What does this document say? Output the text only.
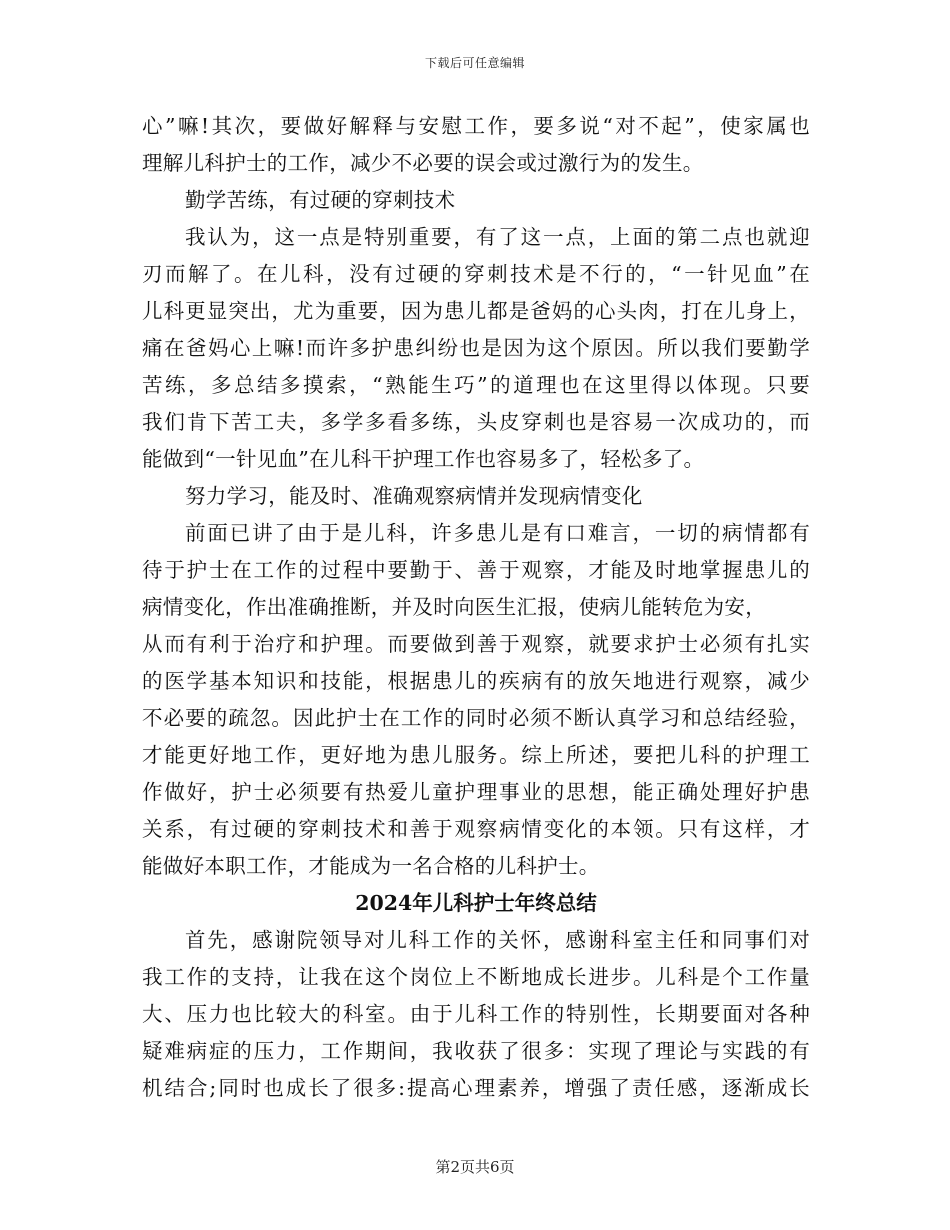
下载后可任意编辑
心”嘛!其次，要做好解释与安慰工作，要多说“对不起”，使家属也
理解儿科护士的工作，减少不必要的误会或过激行为的发生。
勤学苦练，有过硬的穿刺技术
我认为，这一点是特别重要，有了这一点，上面的第二点也就迎
刃而解了。在儿科，没有过硬的穿刺技术是不行的，“一针见血”在
儿科更显突出，尤为重要，因为患儿都是爸妈的心头肉，打在儿身上，
痛在爸妈心上嘛!而许多护患纠纷也是因为这个原因。所以我们要勤学
苦练，多总结多摸索，“熟能生巧”的道理也在这里得以体现。只要
我们肯下苦工夫，多学多看多练，头皮穿刺也是容易一次成功的，而
能做到“一针见血”在儿科干护理工作也容易多了，轻松多了。
努力学习，能及时、准确观察病情并发现病情变化
前面已讲了由于是儿科，许多患儿是有口难言，一切的病情都有
待于护士在工作的过程中要勤于、善于观察，才能及时地掌握患儿的
病情变化，作出准确推断，并及时向医生汇报，使病儿能转危为安，
从而有利于治疗和护理。而要做到善于观察，就要求护士必须有扎实
的医学基本知识和技能，根据患儿的疾病有的放矢地进行观察，减少
不必要的疏忽。因此护士在工作的同时必须不断认真学习和总结经验，
才能更好地工作，更好地为患儿服务。综上所述，要把儿科的护理工
作做好，护士必须要有热爱儿童护理事业的思想，能正确处理好护患
关系，有过硬的穿刺技术和善于观察病情变化的本领。只有这样，才
能做好本职工作，才能成为一名合格的儿科护士。
2024年儿科护士年终总结
首先，感谢院领导对儿科工作的关怀，感谢科室主任和同事们对
我工作的支持，让我在这个岗位上不断地成长进步。儿科是个工作量
大、压力也比较大的科室。由于儿科工作的特别性，长期要面对各种
疑难病症的压力，工作期间，我收获了很多：实现了理论与实践的有
机结合;同时也成长了很多:提高心理素养，增强了责任感，逐渐成长
第2页共6页
